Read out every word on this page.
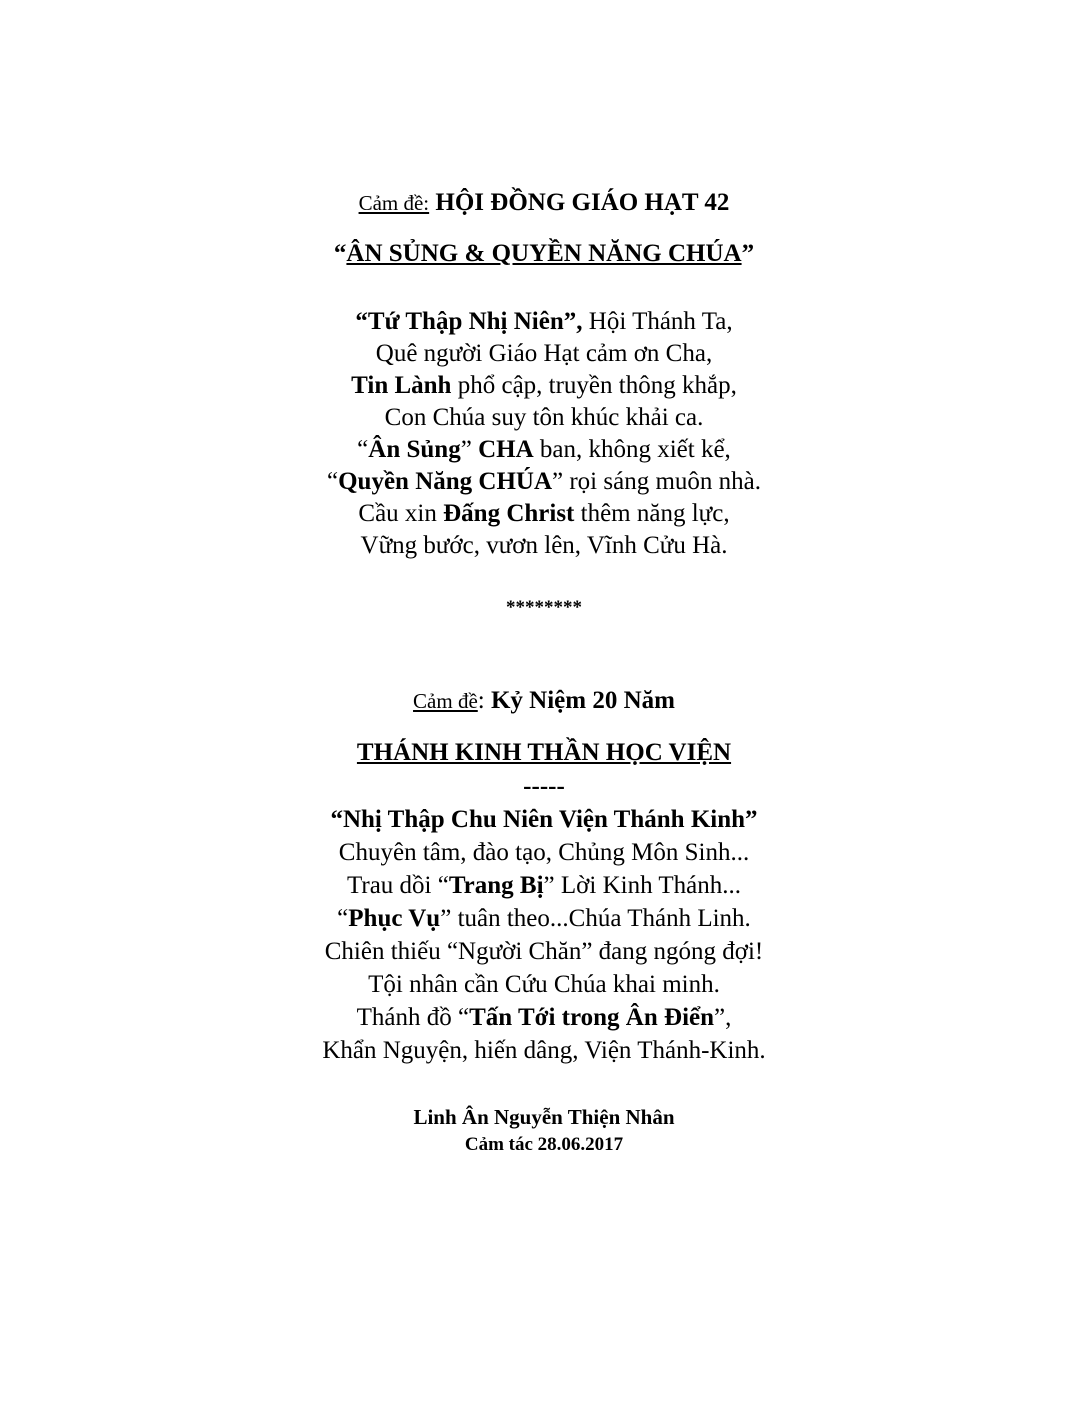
Cảm đề: HỘI ĐỒNG GIÁO HẠT 42
“ÂN SỦNG & QUYỀN NĂNG CHÚA”
“Tứ Thập Nhị Niên”, Hội Thánh Ta,
Quê người Giáo Hạt cảm ơn Cha,
Tin Lành phổ cập, truyền thông khắp,
Con Chúa suy tôn khúc khải ca.
“Ân Sủng” CHA ban, không xiết kể,
“Quyền Năng CHÚA” rọi sáng muôn nhà.
Cầu xin Đấng Christ thêm năng lực,
Vững bước, vươn lên, Vĩnh Cửu Hà.
********
Cảm đề: Kỷ Niệm 20 Năm
THÁNH KINH THẦN HỌC VIỆN
-----
“Nhị Thập Chu Niên Viện Thánh Kinh”
Chuyên tâm, đào tạo, Chủng Môn Sinh...
Trau dồi “Trang Bị” Lời Kinh Thánh...
“Phục Vụ” tuân theo...Chúa Thánh Linh.
Chiên thiếu “Người Chăn” đang ngóng đợi!
Tội nhân cần Cứu Chúa khai minh.
Thánh đồ “Tấn Tới trong Ân Điển”,
Khẩn Nguyện, hiến dâng, Viện Thánh-Kinh.
Linh Ân Nguyễn Thiện Nhân
Cảm tác 28.06.2017
